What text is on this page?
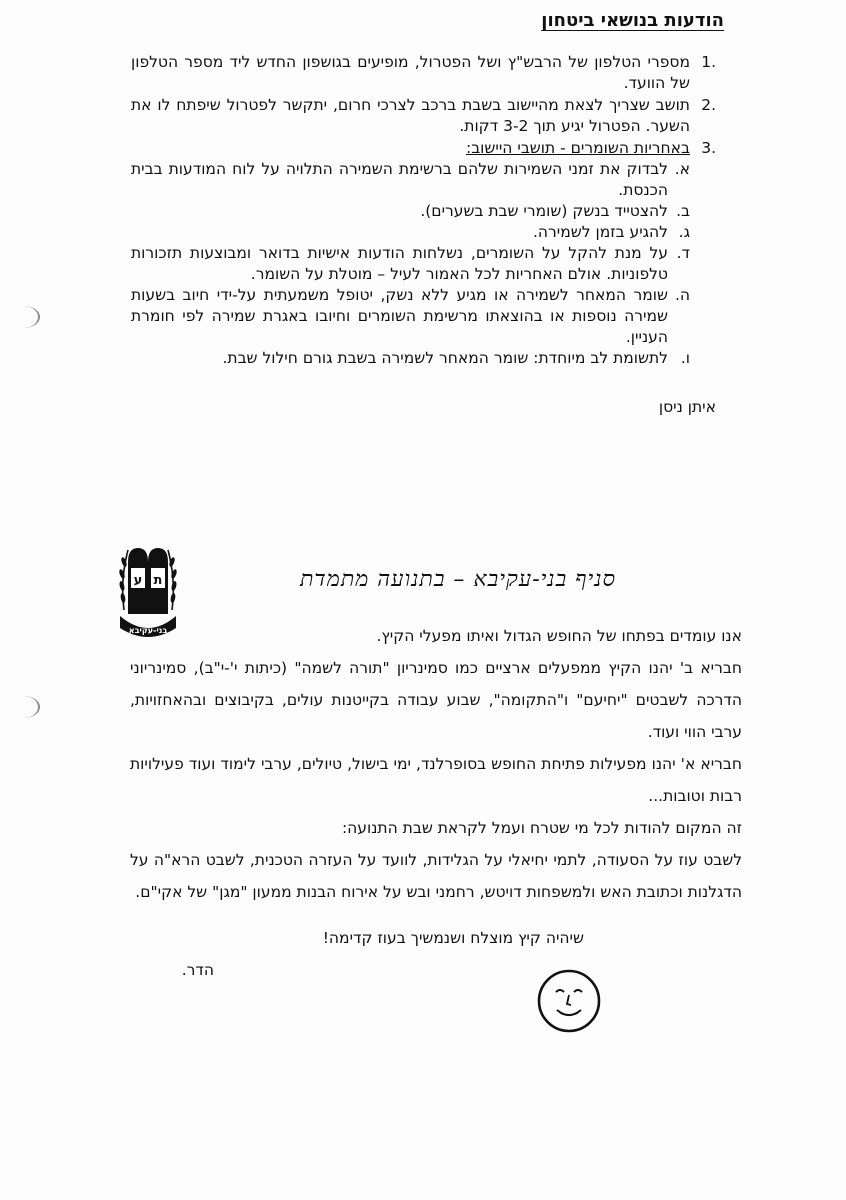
הודעות בנושאי ביטחון
.1
מספרי הטלפון של הרבש"ץ ושל הפטרול, מופיעים בגושפון החדש ליד מספר הטלפון של הוועד.
.2
תושב שצריך לצאת מהיישוב בשבת ברכב לצרכי חרום, יתקשר לפטרול שיפתח לו את השער. הפטרול יגיע תוך 3-2 דקות.
.3
באחריות השומרים - תושבי היישוב:
א.
לבדוק את זמני השמירות שלהם ברשימת השמירה התלויה על לוח המודעות בבית הכנסת.
ב.
להצטייד בנשק (שומרי שבת בשערים).
ג.
להגיע בזמן לשמירה.
ד.
על מנת להקל על השומרים, נשלחות הודעות אישיות בדואר ומבוצעות תזכורות טלפוניות. אולם האחריות לכל האמור לעיל – מוטלת על השומר.
ה.
שומר המאחר לשמירה או מגיע ללא נשק, יטופל משמעתית על-ידי חיוב בשעות שמירה נוספות או בהוצאתו מרשימת השומרים וחיובו באגרת שמירה לפי חומרת העניין.
ו.
לתשומת לב מיוחדת: שומר המאחר לשמירה בשבת גורם חילול שבת.
איתן ניסן
ע ת
בני-עקיבא
סניף בני-עקיבא – בתנועה מתמדת

אנו עומדים בפתחו של החופש הגדול ואיתו מפעלי הקיץ.

חבריא ב' יהנו הקיץ ממפעלים ארציים כמו סמינריון "תורה לשמה" (כיתות י'-י"ב), סמינריוני הדרכה לשבטים "יחיעם" ו"התקומה", שבוע עבודה בקייטנות עולים, בקיבוצים ובהאחזויות, ערבי הווי ועוד.

חבריא א' יהנו מפעילות פתיחת החופש בסופרלנד, ימי בישול, טיולים, ערבי לימוד ועוד פעילויות רבות וטובות...

זה המקום להודות לכל מי שטרח ועמל לקראת שבת התנועה:

לשבט עוז על הסעודה, לתמי יחיאלי על הגלידות, לוועד על העזרה הטכנית, לשבט הרא"ה על הדגלנות וכתובת האש ולמשפחות דויטש, רחמני ובש על אירוח הבנות ממעון "מגן" של אקי"ם.

שיהיה קיץ מוצלח ושנמשיך בעוז קדימה!
הדר.
